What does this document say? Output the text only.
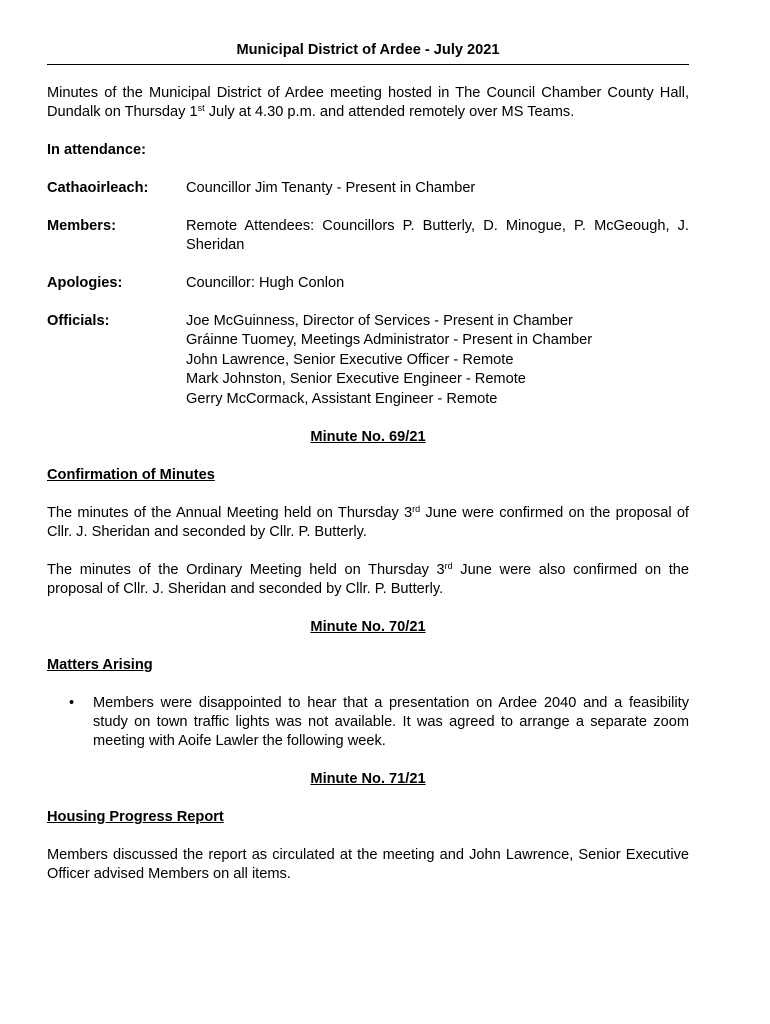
Municipal District of Ardee - July 2021

Minutes of the Municipal District of Ardee meeting hosted in The Council Chamber County Hall, Dundalk on Thursday 1st July at 4.30 p.m. and attended remotely over MS Teams.

In attendance:

Cathaoirleach:	Councillor Jim Tenanty - Present in Chamber
Members:	Remote Attendees: Councillors P. Butterly, D. Minogue, P. McGeough, J. Sheridan
Apologies:	Councillor: Hugh Conlon
Officials:	Joe McGuinness, Director of Services - Present in Chamber
Gráinne Tuomey, Meetings Administrator - Present in Chamber
John Lawrence, Senior Executive Officer - Remote
Mark Johnston, Senior Executive Engineer - Remote
Gerry McCormack, Assistant Engineer - Remote

Minute No. 69/21

Confirmation of Minutes

The minutes of the Annual Meeting held on Thursday 3rd June were confirmed on the proposal of Cllr. J. Sheridan and seconded by Cllr. P. Butterly.

The minutes of the Ordinary Meeting held on Thursday 3rd June were also confirmed on the proposal of Cllr. J. Sheridan and seconded by Cllr. P. Butterly.

Minute No. 70/21

Matters Arising

•	Members were disappointed to hear that a presentation on Ardee 2040 and a feasibility study on town traffic lights was not available. It was agreed to arrange a separate zoom meeting with Aoife Lawler the following week.

Minute No. 71/21

Housing Progress Report

Members discussed the report as circulated at the meeting and John Lawrence, Senior Executive Officer advised Members on all items.
